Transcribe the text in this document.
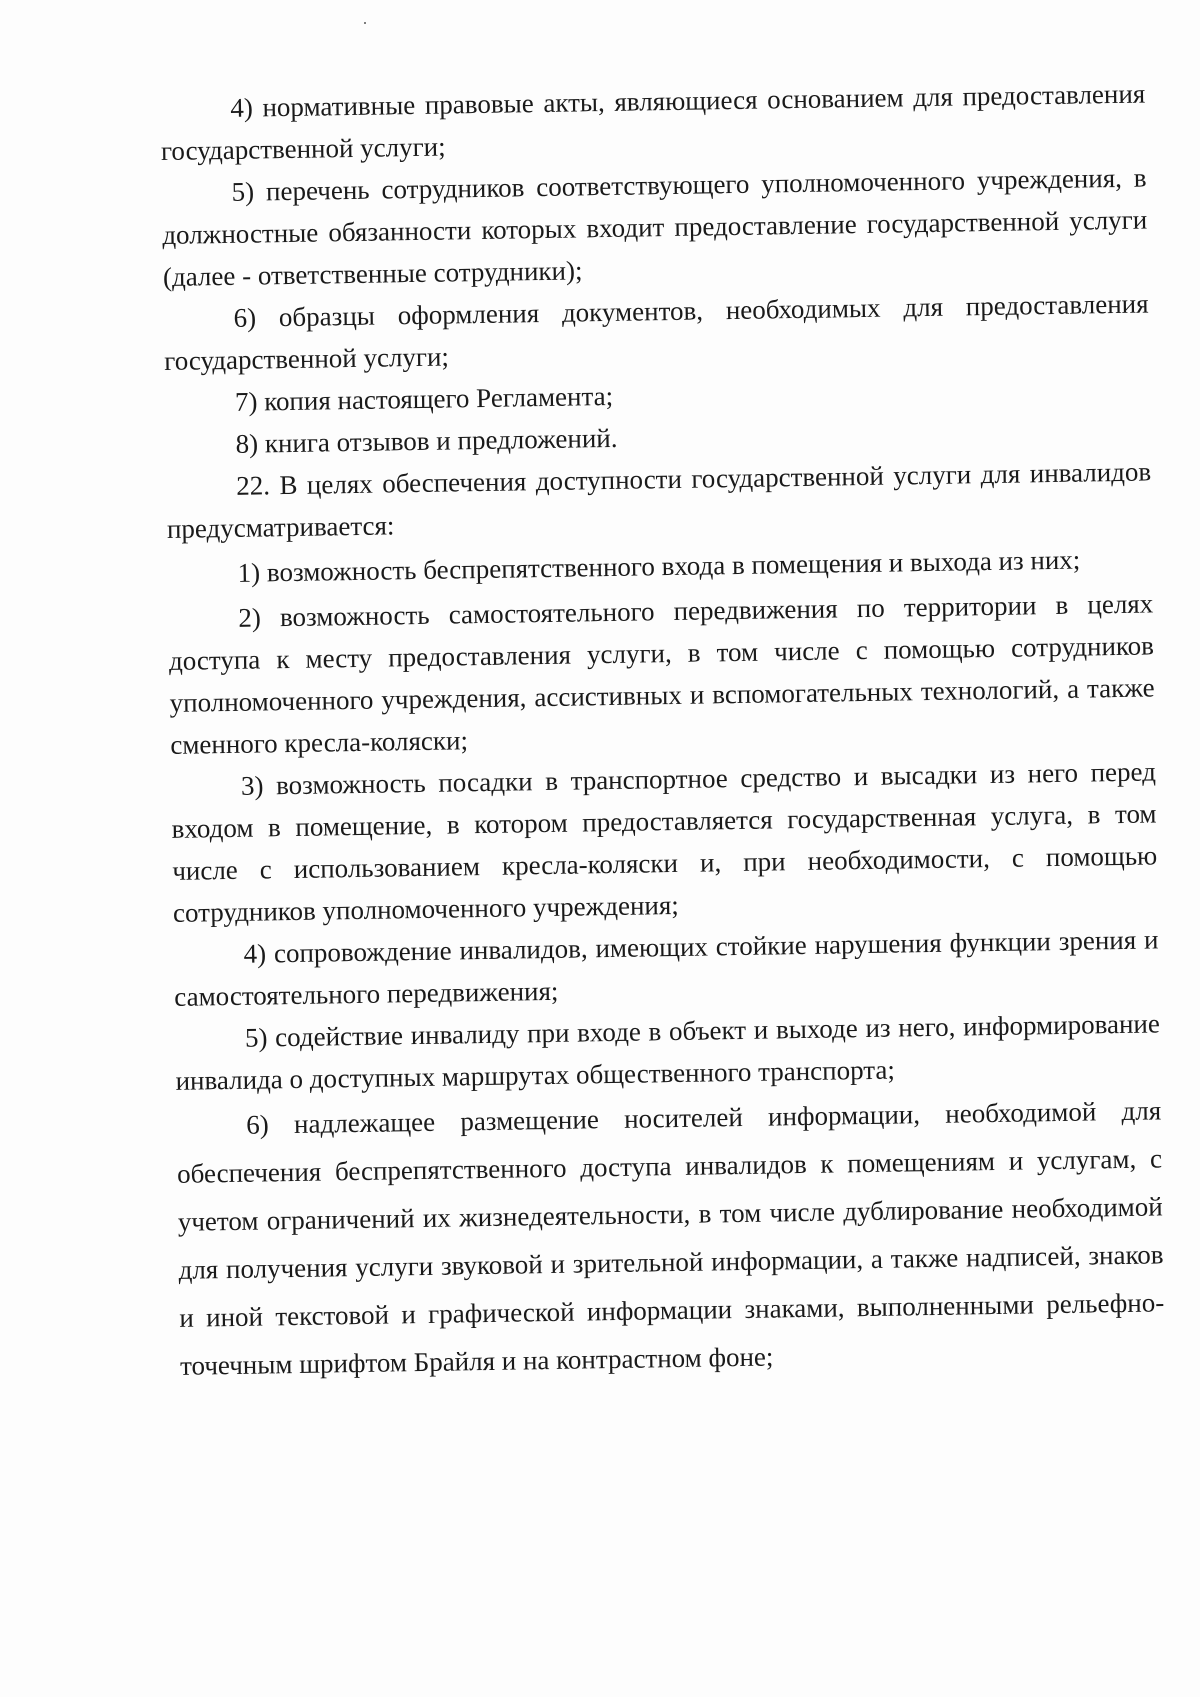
4) нормативные правовые акты, являющиеся основанием для предоставления государственной услуги;

5) перечень сотрудников соответствующего уполномоченного учреждения, в должностные обязанности которых входит предоставление государственной услуги (далее - ответственные сотрудники);

6) образцы оформления документов, необходимых для предоставления государственной услуги;

7) копия настоящего Регламента;

8) книга отзывов и предложений.

22. В целях обеспечения доступности государственной услуги для инвалидов предусматривается:

1) возможность беспрепятственного входа в помещения и выхода из них;

2) возможность самостоятельного передвижения по территории в целях доступа к месту предоставления услуги, в том числе с помощью сотрудников уполномоченного учреждения, ассистивных и вспомогательных технологий, а также сменного кресла-коляски;

3) возможность посадки в транспортное средство и высадки из него перед входом в помещение, в котором предоставляется государственная услуга, в том числе с использованием кресла-коляски и, при необходимости, с помощью сотрудников уполномоченного учреждения;

4) сопровождение инвалидов, имеющих стойкие нарушения функции зрения и самостоятельного передвижения;

5) содействие инвалиду при входе в объект и выходе из него, информирование инвалида о доступных маршрутах общественного транспорта;

6) надлежащее размещение носителей информации, необходимой для обеспечения беспрепятственного доступа инвалидов к помещениям и услугам, с учетом ограничений их жизнедеятельности, в том числе дублирование необходимой для получения услуги звуковой и зрительной информации, а также надписей, знаков и иной текстовой и графической информации знаками, выполненными рельефно-точечным шрифтом Брайля и на контрастном фоне;
